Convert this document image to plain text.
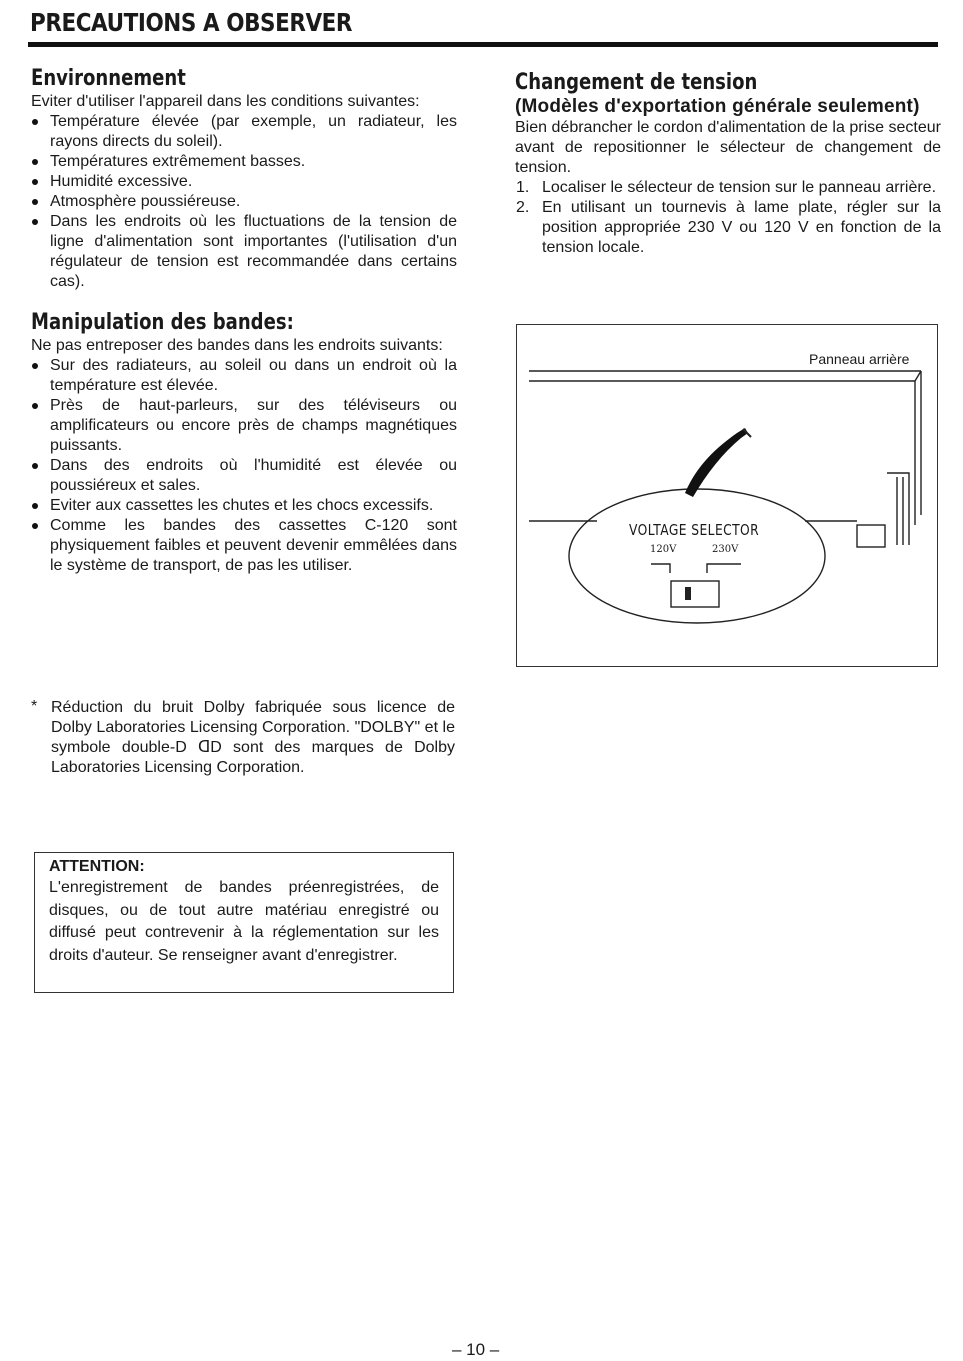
PRECAUTIONS A OBSERVER
Environnement

Eviter d'utiliser l'appareil dans les conditions suivantes:

Température élevée (par exemple, un radiateur, les rayons directs du soleil).
Températures extrêmement basses.
Humidité excessive.
Atmosphère poussiéreuse.
Dans les endroits où les fluctuations de la tension de ligne d'alimentation sont importantes (l'utilisation d'un régulateur de tension est recommandée dans certains cas).
Manipulation des bandes:

Ne pas entreposer des bandes dans les endroits suivants:

Sur des radiateurs, au soleil ou dans un endroit où la température est élevée.
Près de haut-parleurs, sur des téléviseurs ou amplificateurs ou encore près de champs magnétiques puissants.
Dans des endroits où l'humidité est élevée ou poussiéreux et sales.
Eviter aux cassettes les chutes et les chocs excessifs.
Comme les bandes des cassettes C-120 sont physiquement faibles et peuvent devenir emmêlées dans le système de transport, de pas les utiliser.
* Réduction du bruit Dolby fabriquée sous licence de Dolby Laboratories Licensing Corporation. "DOLBY" et le symbole double-D ᗡD sont des marques de Dolby Laboratories Licensing Corporation.

ATTENTION:

L'enregistrement de bandes préenregistrées, de disques, ou de tout autre matériau enregistré ou diffusé peut contrevenir à la réglementation sur les droits d'auteur. Se renseigner avant d'enregistrer.

Changement de tension
(Modèles d'exportation générale seulement)

Bien débrancher le cordon d'alimentation de la prise secteur avant de repositionner le sélecteur de changement de tension.

1. Localiser le sélecteur de tension sur le panneau arrière.
2. En utilisant un tournevis à lame plate, régler sur la position appropriée 230 V ou 120 V en fonction de la tension locale.
Panneau arrière
VOLTAGE SELECTOR
120V	230V
– 10 –
